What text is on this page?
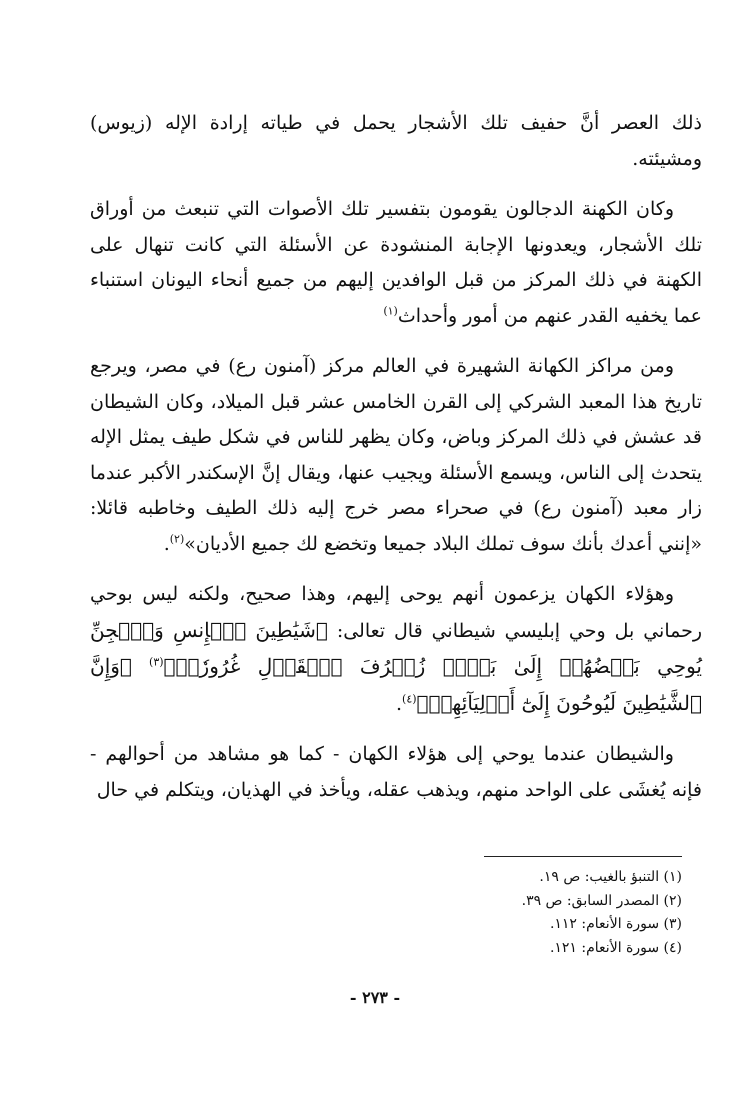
ذلك العصر أنَّ حفيف تلك الأشجار يحمل في طياته إرادة الإله (زيوس) ومشيئته.

وكان الكهنة الدجالون يقومون بتفسير تلك الأصوات التي تنبعث من أوراق تلك الأشجار، ويعدونها الإجابة المنشودة عن الأسئلة التي كانت تنهال على الكهنة في ذلك المركز من قبل الوافدين إليهم من جميع أنحاء اليونان استنباء عما يخفيه القدر عنهم من أمور وأحداث$^{(١)}$

ومن مراكز الكهانة الشهيرة في العالم مركز (آمنون رع) في مصر، ويرجع تاريخ هذا المعبد الشركي إلى القرن الخامس عشر قبل الميلاد، وكان الشيطان قد عشش في ذلك المركز وباض، وكان يظهر للناس في شكل طيف يمثل الإله يتحدث إلى الناس، ويسمع الأسئلة ويجيب عنها، ويقال إنَّ الإسكندر الأكبر عندما زار معبد (آمنون رع) في صحراء مصر خرج إليه ذلك الطيف وخاطبه قائلا: «إنني أعدك بأنك سوف تملك البلاد جميعا وتخضع لك جميع الأديان»$^{(٢)}$.

وهؤلاء الكهان يزعمون أنهم يوحى إليهم، وهذا صحيح، ولكنه ليس بوحي رحماني بل وحي إبليسي شيطاني قال تعالى: ﴿شَيَٰطِينَ ٱلۡإِنسِ وَٱلۡجِنِّ يُوحِي بَعۡضُهُمۡ إِلَىٰ بَعۡضٖ زُخۡرُفَ ٱلۡقَوۡلِ غُرُورٗاۚ﴾$^{(٣)}$ ﴿وَإِنَّ ٱلشَّيَٰطِينَ لَيُوحُونَ إِلَىٰٓ أَوۡلِيَآئِهِمۡ﴾$^{(٤)}$.

والشيطان عندما يوحي إلى هؤلاء الكهان - كما هو مشاهد من أحوالهم - فإنه يُغشَى على الواحد منهم، ويذهب عقله، ويأخذ في الهذيان، ويتكلم في حال

(١) التنبؤ بالغيب: ص ١٩.

(٢) المصدر السابق: ص ٣٩.

(٣) سورة الأنعام: ١١٢.

(٤) سورة الأنعام: ١٢١.

- ٢٧٣ -
